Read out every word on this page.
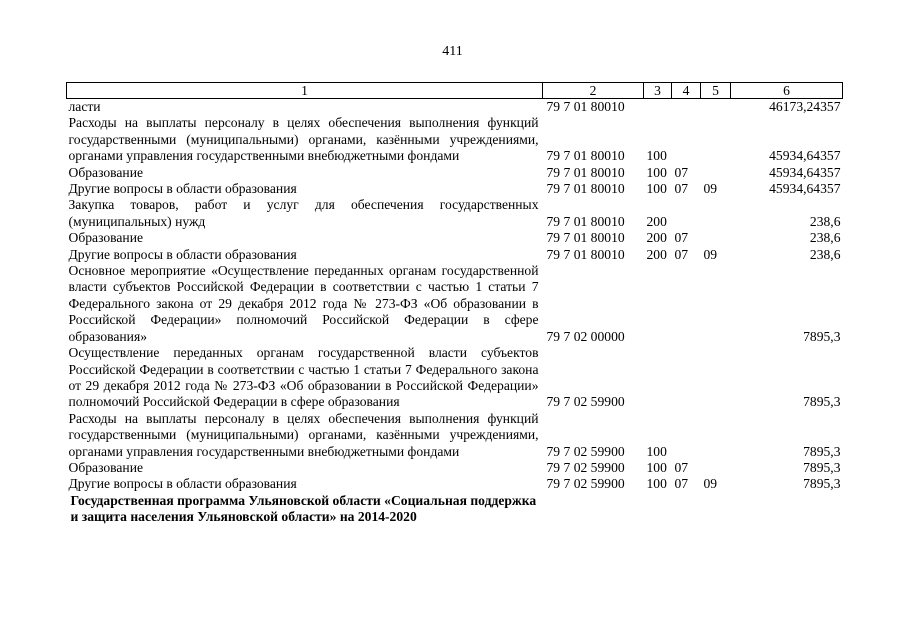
411
1	2	3	4	5	6
ласти	79 7 01 80010				46173,24357
Расходы на выплаты персоналу в целях обеспечения выполнения функций государственными (муниципальными) органами, казёнными учреждениями, органами управления государственными внебюджетными фондами	79 7 01 80010	100			45934,64357
Образование	79 7 01 80010	100	07		45934,64357
Другие вопросы в области образования	79 7 01 80010	100	07	09	45934,64357
Закупка товаров, работ и услуг для обеспечения государственных (муниципальных) нужд	79 7 01 80010	200			238,6
Образование	79 7 01 80010	200	07		238,6
Другие вопросы в области образования	79 7 01 80010	200	07	09	238,6
Основное мероприятие «Осуществление переданных органам государственной власти субъектов Российской Федерации в соответствии с частью 1 статьи 7 Федерального закона от 29 декабря 2012 года № 273-ФЗ «Об образовании в Российской Федерации» полномочий Российской Федерации в сфере образования»	79 7 02 00000				7895,3
Осуществление переданных органам государственной власти субъектов Российской Федерации в соответствии с частью 1 статьи 7 Федерального закона от 29 декабря 2012 года № 273-ФЗ «Об образовании в Российской Федерации» полномочий Российской Федерации в сфере образования	79 7 02 59900				7895,3
Расходы на выплаты персоналу в целях обеспечения выполнения функций государственными (муниципальными) органами, казёнными учреждениями, органами управления государственными внебюджетными фондами	79 7 02 59900	100			7895,3
Образование	79 7 02 59900	100	07		7895,3
Другие вопросы в области образования	79 7 02 59900	100	07	09	7895,3
Государственная программа Ульяновской области «Социальная поддержка и защита населения Ульяновской области» на 2014-2020					
